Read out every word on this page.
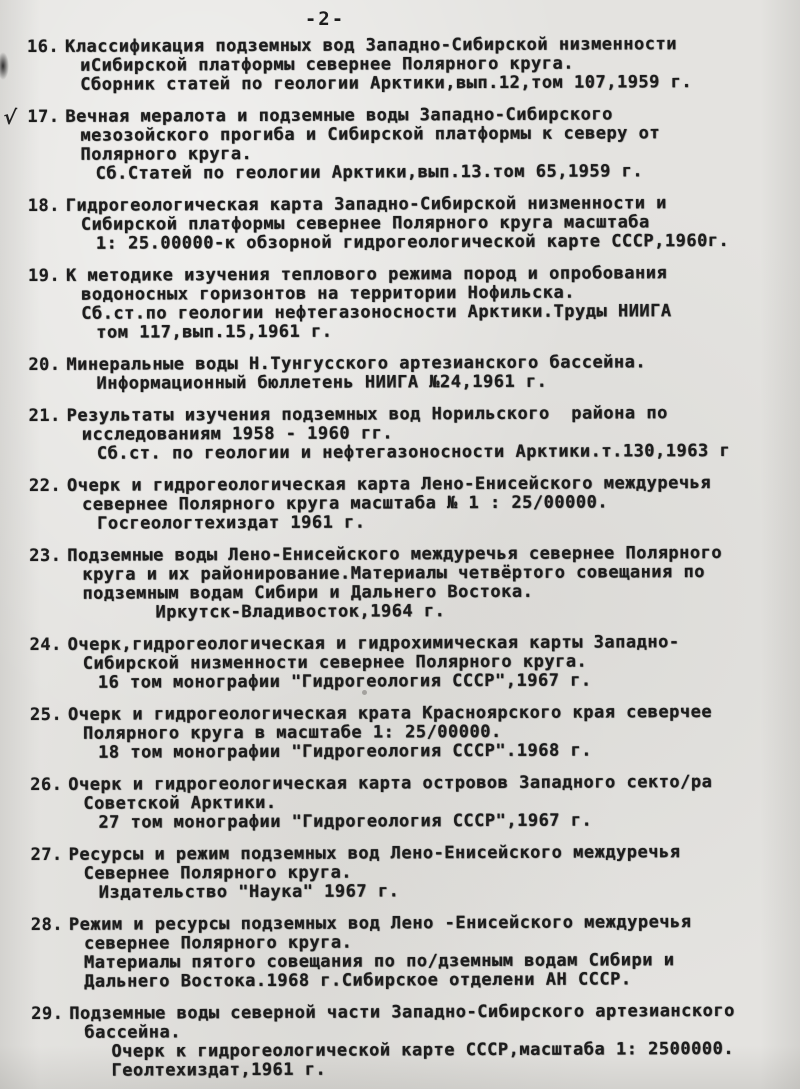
-2-
16. Классификация подземных вод Западно-Сибирской низменности
иСибирской платформы севернее Полярного круга.
Сборник статей по геологии Арктики,вып.12,том 107,1959 г.
17.
√	Вечная мералота и подземные воды Западно-Сибирского
мезозойского прогиба и Сибирской платформы к северу от
Полярного круга.
Сб.Статей по геологии Арктики,вып.13.том 65,1959 г.
18. Гидрогеологическая карта Западно-Сибирской низменности и
Сибирской платформы севернее Полярного круга масштаба
1: 25.00000-к обзорной гидрогеологической карте СССР,1960г.
19. К методике изучения теплового режима пород и опробования
водоносных горизонтов на территории Нофильска.
Сб.ст.по геологии нефтегазоносности Арктики.Труды НИИГА
том 117,вып.15,1961 г.
20. Минеральные воды Н.Тунгусского артезианского бассейна.
Информационный бюллетень НИИГА №24,1961 г.
21. Результаты изучения подземных вод Норильского  района по
исследованиям 1958 - 1960 гг.
Сб.ст. по геологии и нефтегазоносности Арктики.т.130,1963 г
22. Очерк и гидрогеологическая карта Лено-Енисейского междуречья
севернее Полярного круга масштаба № 1 : 25/00000.
Госгеологтехиздат 1961 г.
23. Подземные воды Лено-Енисейского междуречья севернее Полярного
круга и их районирование.Материалы четвёртого совещания по
подземным водам Сибири и Дальнего Востока.
Иркутск-Владивосток,1964 г.
24. Очерк,гидрогеологическая и гидрохимическая карты Западно-
Сибирской низменности севернее Полярного круга.
16 том монографии "Гидрогеология СССР",1967 г.
25. Очерк и гидрогеологическая крата Красноярского края северчее
Полярного круга в масштабе 1: 25/00000.
18 том монографии "Гидрогеология СССР".1968 г.
26. Очерк и гидрогеологическая карта островов Западного секто/ра
Советской Арктики.
27 том монографии "Гидрогеология СССР",1967 г.
27. Ресурсы и режим подземных вод Лено-Енисейского междуречья
Севернее Полярного круга.
Издательство "Наука" 1967 г.
28. Режим и ресурсы подземных вод Лено -Енисейского междуречья
севернее Полярного круга.
Материалы пятого совещания по по/дземным водам Сибири и
Дальнего Востока.1968 г.Сибирское отделени АН СССР.
29. Подземные воды северной части Западно-Сибирского артезианского
бассейна.
Очерк к гидрогеологической карте СССР,масштаба 1: 2500000.
Геолтехиздат,1961 г.
